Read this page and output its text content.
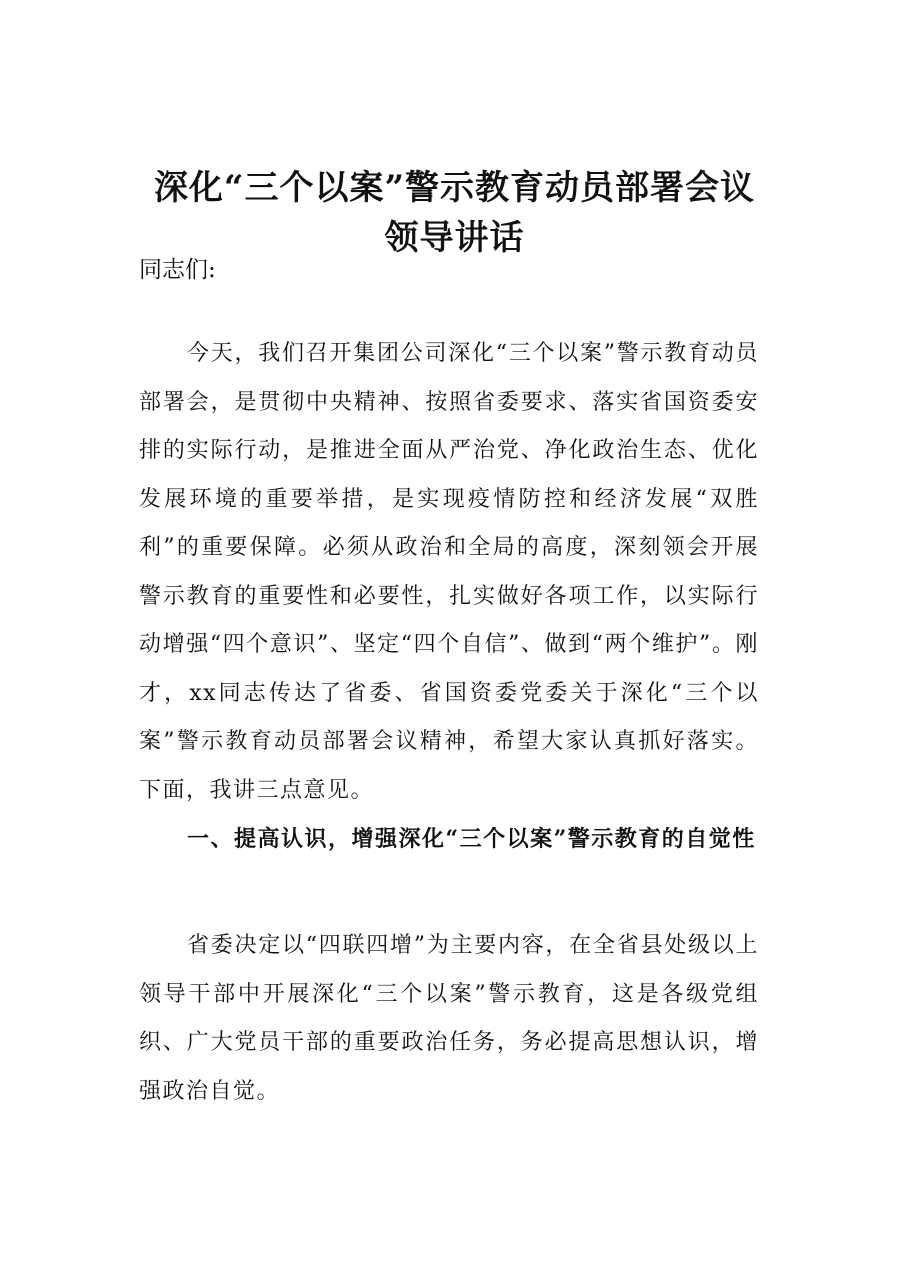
深化“三个以案”警示教育动员部署会议
领导讲话
同志们:

今天，我们召开集团公司深化“三个以案”警示教育动员部署会，是贯彻中央精神、按照省委要求、落实省国资委安排的实际行动，是推进全面从严治党、净化政治生态、优化发展环境的重要举措，是实现疫情防控和经济发展“双胜利”的重要保障。必须从政治和全局的高度，深刻领会开展警示教育的重要性和必要性，扎实做好各项工作，以实际行动增强“四个意识”、坚定“四个自信”、做到“两个维护”。刚才，xx同志传达了省委、省国资委党委关于深化“三个以案”警示教育动员部署会议精神，希望大家认真抓好落实。下面，我讲三点意见。

一、提高认识，增强深化“三个以案”警示教育的自觉性

省委决定以“四联四增”为主要内容，在全省县处级以上领导干部中开展深化“三个以案”警示教育，这是各级党组织、广大党员干部的重要政治任务，务必提高思想认识，增强政治自觉。
